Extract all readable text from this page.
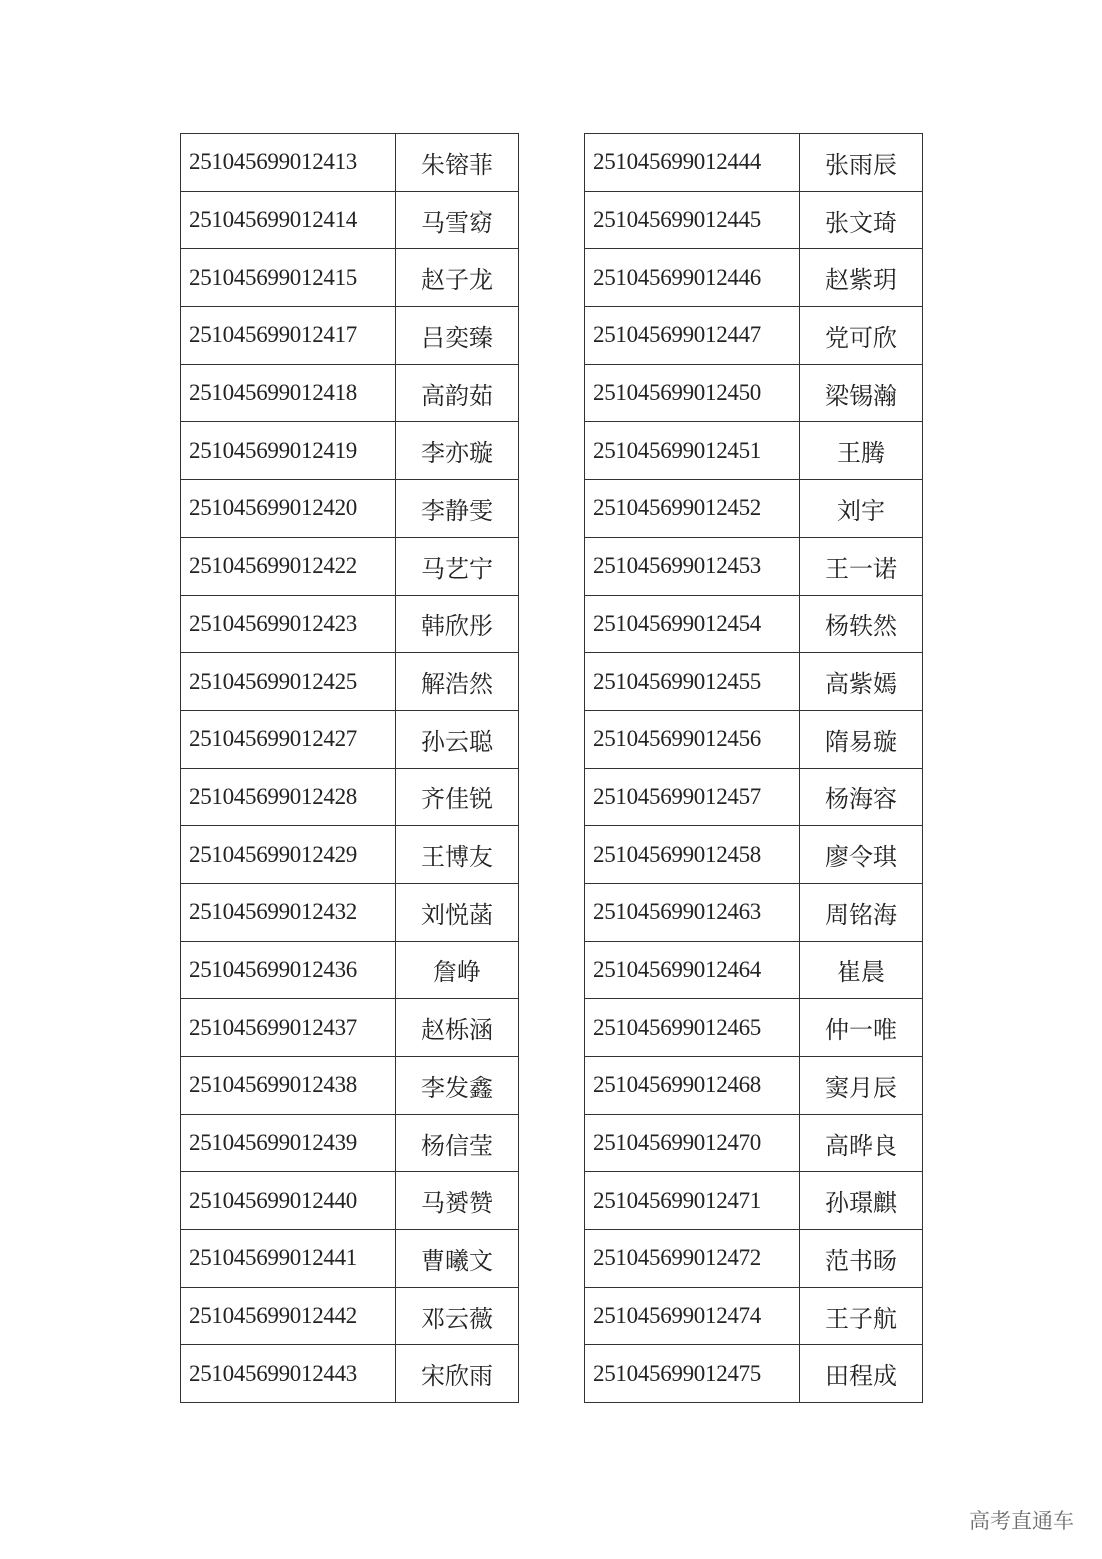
251045699012413	朱镕菲
251045699012414	马雪窈
251045699012415	赵子龙
251045699012417	吕奕臻
251045699012418	高韵茹
251045699012419	李亦璇
251045699012420	李静雯
251045699012422	马艺宁
251045699012423	韩欣彤
251045699012425	解浩然
251045699012427	孙云聪
251045699012428	齐佳锐
251045699012429	王博友
251045699012432	刘悦菡
251045699012436	詹峥
251045699012437	赵栎涵
251045699012438	李发鑫
251045699012439	杨信莹
251045699012440	马赟赞
251045699012441	曹曦文
251045699012442	邓云薇
251045699012443	宋欣雨
251045699012444	张雨辰
251045699012445	张文琦
251045699012446	赵紫玥
251045699012447	党可欣
251045699012450	梁锡瀚
251045699012451	王腾
251045699012452	刘宇
251045699012453	王一诺
251045699012454	杨轶然
251045699012455	高紫嫣
251045699012456	隋易璇
251045699012457	杨海容
251045699012458	廖令琪
251045699012463	周铭海
251045699012464	崔晨
251045699012465	仲一唯
251045699012468	窦月辰
251045699012470	高晔良
251045699012471	孙璟麒
251045699012472	范书旸
251045699012474	王子航
251045699012475	田程成
高考直通车
